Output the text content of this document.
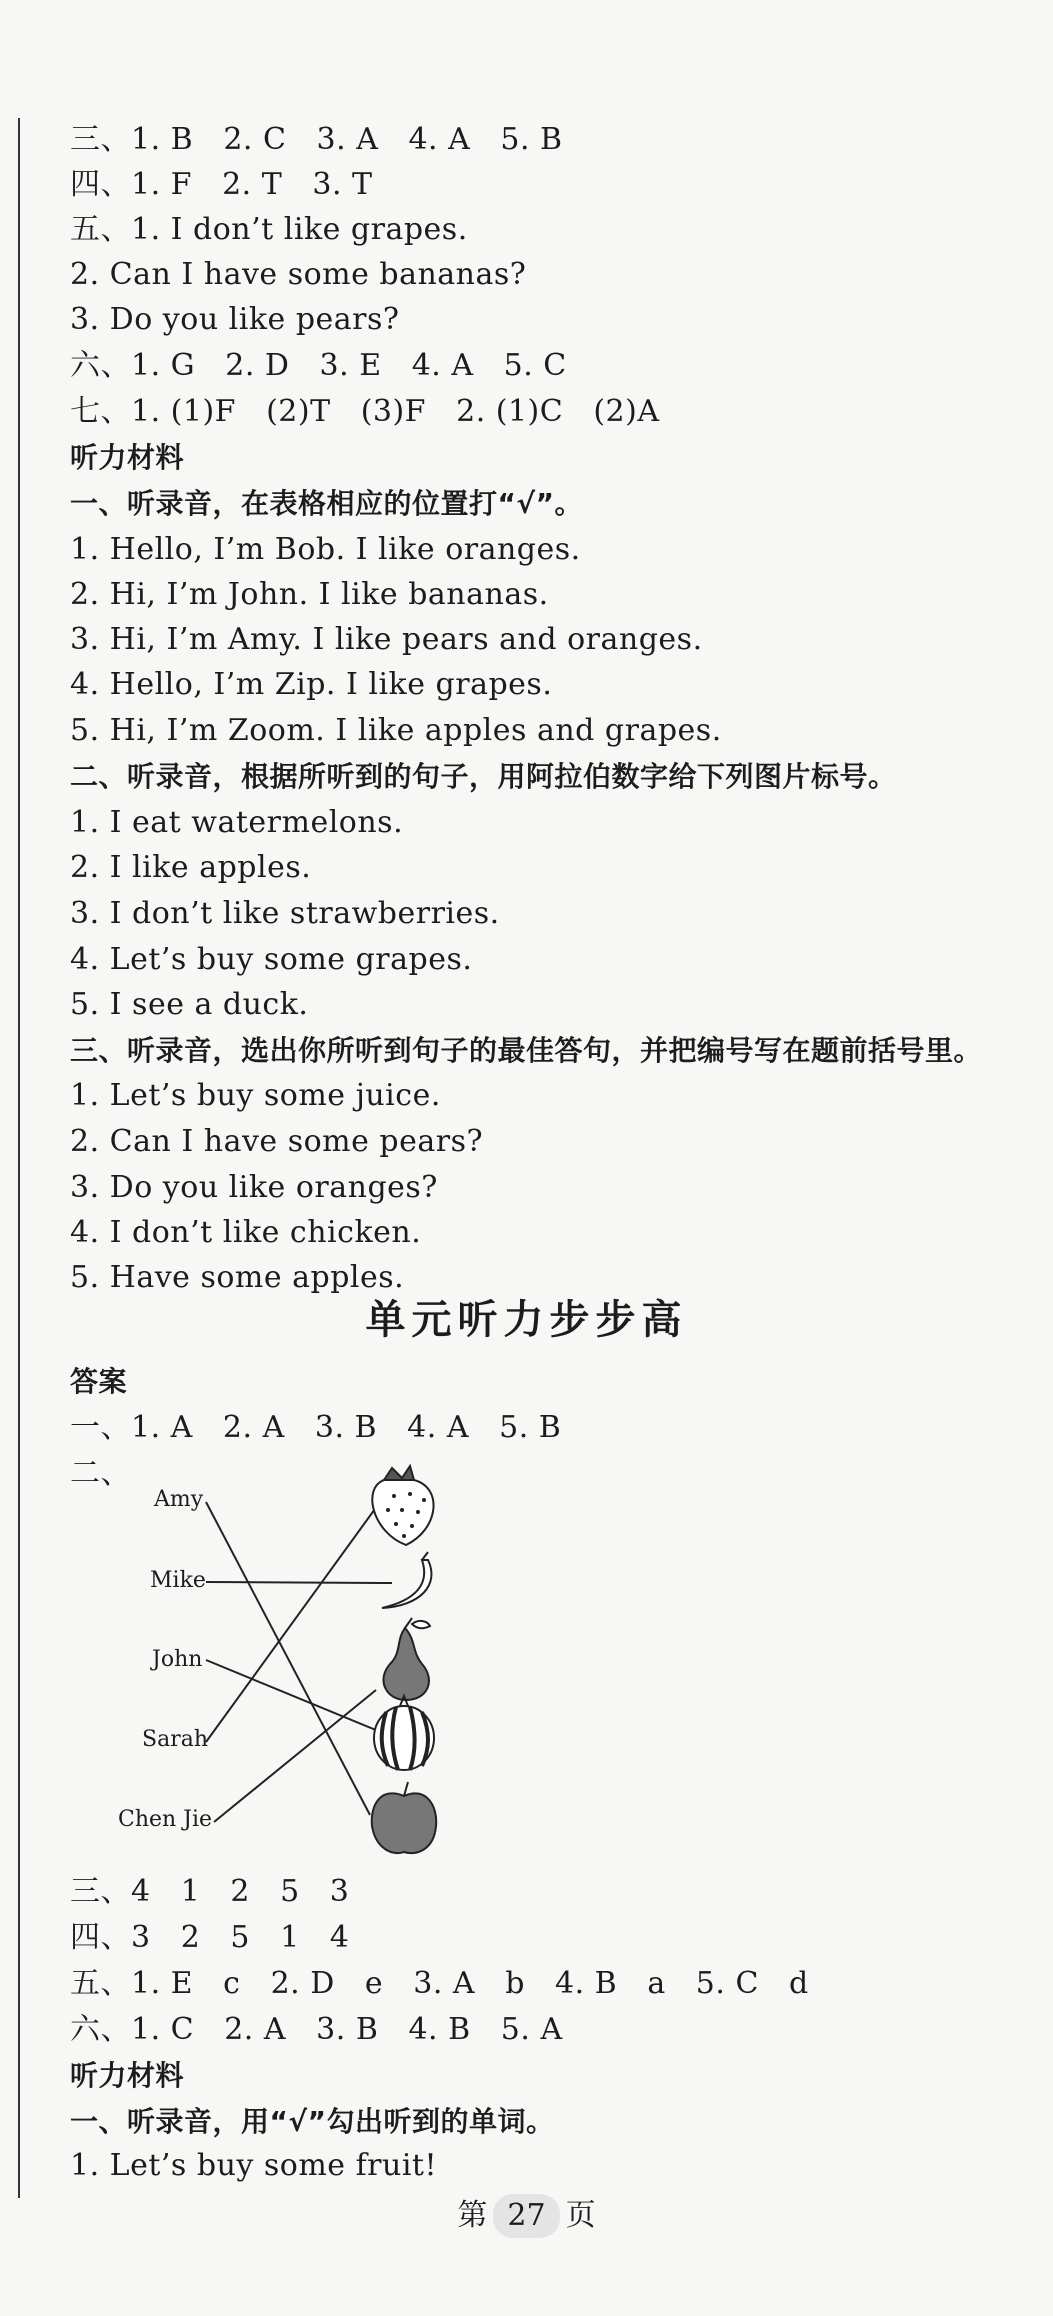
三、1. B   2. C   3. A   4. A   5. B
四、1. F   2. T   3. T
五、1. I don’t like grapes.
2. Can I have some bananas?
3. Do you like pears?
六、1. G   2. D   3. E   4. A   5. C
七、1. (1)F   (2)T   (3)F   2. (1)C   (2)A
听力材料
一、听录音，在表格相应的位置打“√”。
1. Hello, I’m Bob. I like oranges.
2. Hi, I’m John. I like bananas.
3. Hi, I’m Amy. I like pears and oranges.
4. Hello, I’m Zip. I like grapes.
5. Hi, I’m Zoom. I like apples and grapes.
二、听录音，根据所听到的句子，用阿拉伯数字给下列图片标号。
1. I eat watermelons.
2. I like apples.
3. I don’t like strawberries.
4. Let’s buy some grapes.
5. I see a duck.
三、听录音，选出你所听到句子的最佳答句，并把编号写在题前括号里。
1. Let’s buy some juice.
2. Can I have some pears?
3. Do you like oranges?
4. I don’t like chicken.
5. Have some apples.
单元听力步步高
答案
一、1. A   2. A   3. B   4. A   5. B
二、
Amy
Mike
John
Sarah
Chen Jie
三、4   1   2   5   3
四、3   2   5   1   4
五、1. E   c   2. D   e   3. A   b   4. B   a   5. C   d
六、1. C   2. A   3. B   4. B   5. A
听力材料
一、听录音，用“√”勾出听到的单词。
1. Let’s buy some fruit!
第 27 页
